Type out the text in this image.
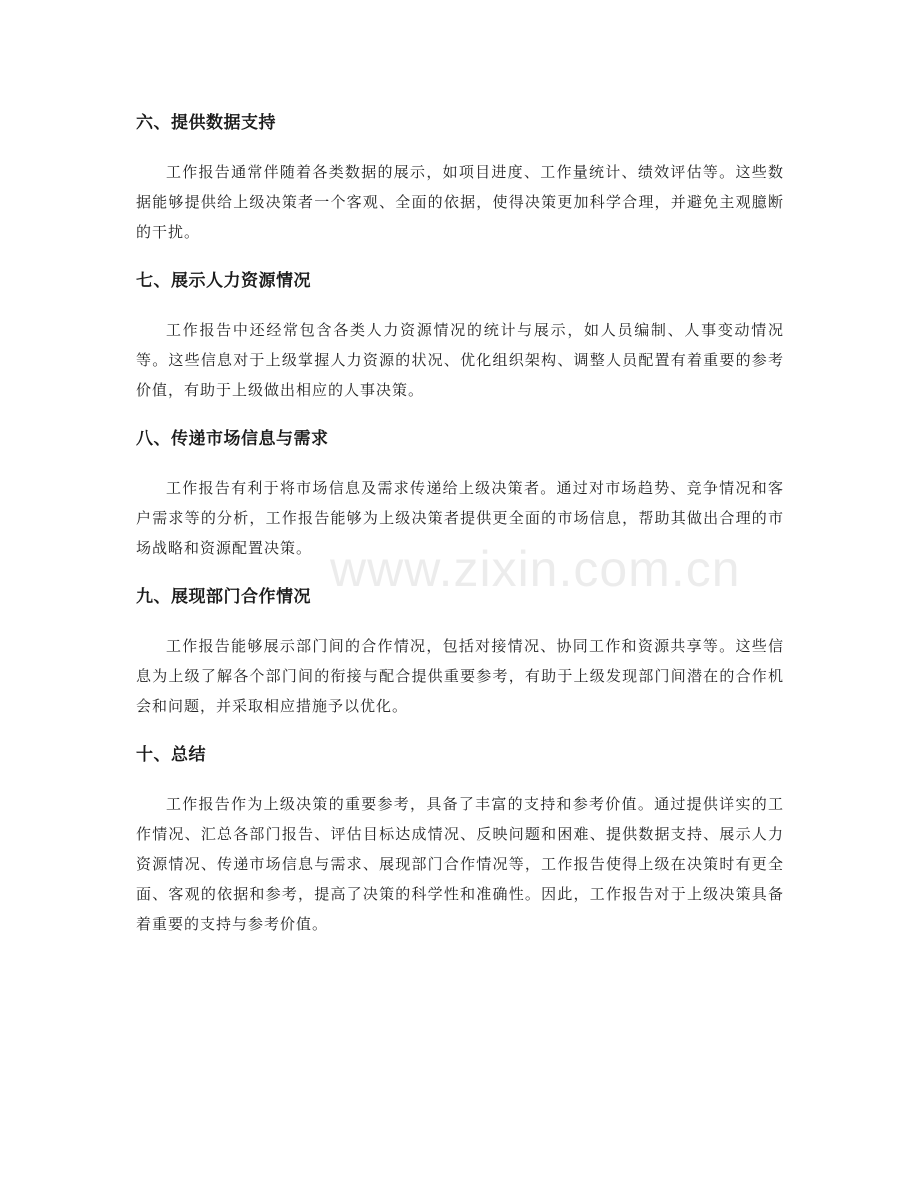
www.zixin.com.cn
六、提供数据支持

工作报告通常伴随着各类数据的展示，如项目进度、工作量统计、绩效评估等。这些数据能够提供给上级决策者一个客观、全面的依据，使得决策更加科学合理，并避免主观臆断的干扰。

七、展示人力资源情况

工作报告中还经常包含各类人力资源情况的统计与展示，如人员编制、人事变动情况等。这些信息对于上级掌握人力资源的状况、优化组织架构、调整人员配置有着重要的参考价值，有助于上级做出相应的人事决策。

八、传递市场信息与需求

工作报告有利于将市场信息及需求传递给上级决策者。通过对市场趋势、竞争情况和客户需求等的分析，工作报告能够为上级决策者提供更全面的市场信息，帮助其做出合理的市场战略和资源配置决策。

九、展现部门合作情况

工作报告能够展示部门间的合作情况，包括对接情况、协同工作和资源共享等。这些信息为上级了解各个部门间的衔接与配合提供重要参考，有助于上级发现部门间潜在的合作机会和问题，并采取相应措施予以优化。

十、总结

工作报告作为上级决策的重要参考，具备了丰富的支持和参考价值。通过提供详实的工作情况、汇总各部门报告、评估目标达成情况、反映问题和困难、提供数据支持、展示人力资源情况、传递市场信息与需求、展现部门合作情况等，工作报告使得上级在决策时有更全面、客观的依据和参考，提高了决策的科学性和准确性。因此，工作报告对于上级决策具备着重要的支持与参考价值。
